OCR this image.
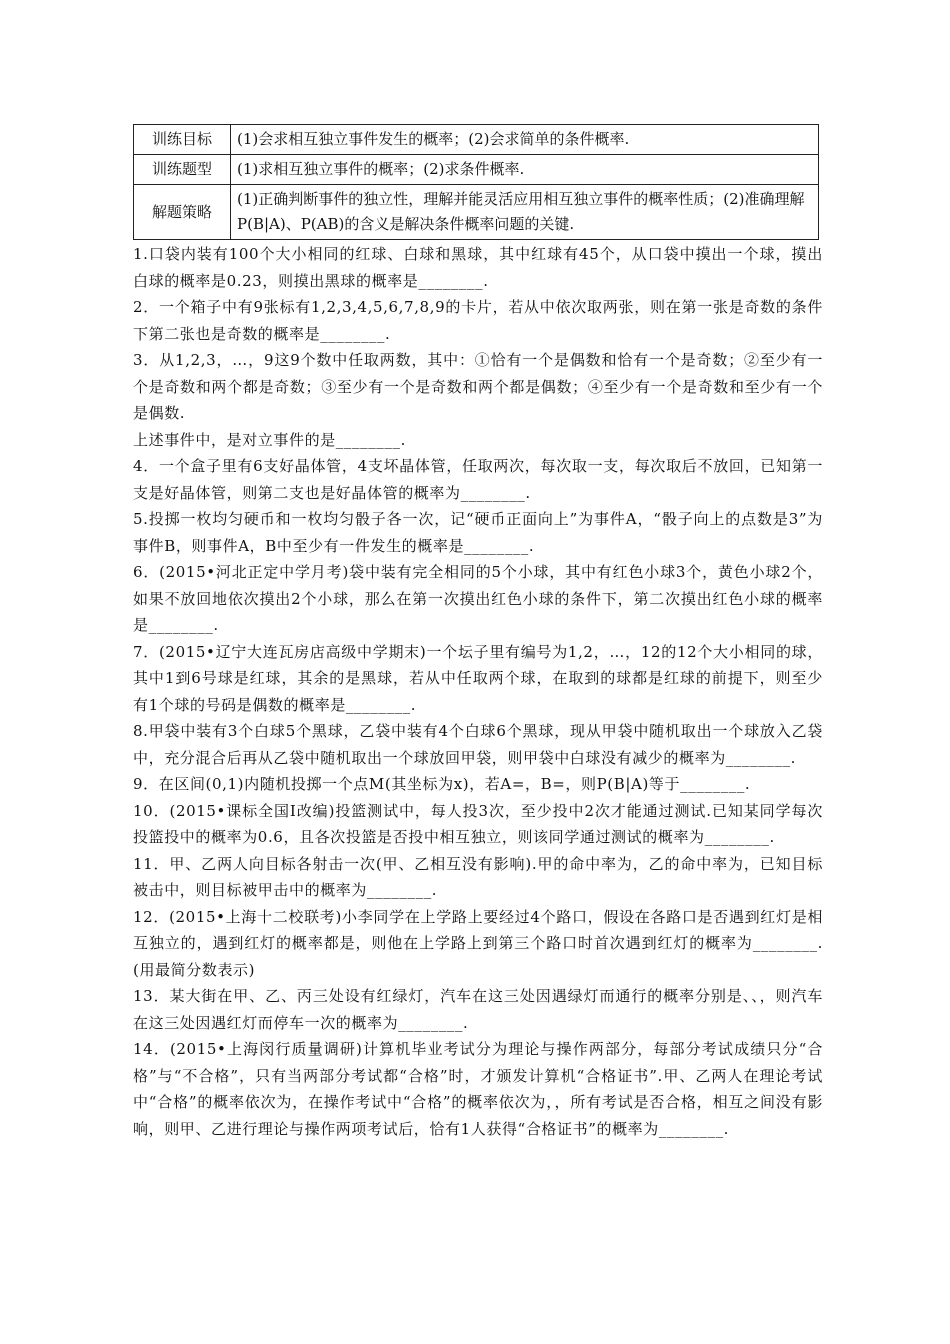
训练目标	(1)会求相互独立事件发生的概率；(2)会求简单的条件概率.
训练题型	(1)求相互独立事件的概率；(2)求条件概率.
解题策略	(1)正确判断事件的独立性，理解并能灵活应用相互独立事件的概率性质；(2)准确理解P(B|A)、P(AB)的含义是解决条件概率问题的关键.

1.口袋内装有100个大小相同的红球、白球和黑球，其中红球有45个，从口袋中摸出一个球，摸出白球的概率是0.23，则摸出黑球的概率是________.

2．一个箱子中有9张标有1,2,3,4,5,6,7,8,9的卡片，若从中依次取两张，则在第一张是奇数的条件下第二张也是奇数的概率是________.

3．从1,2,3，…，9这9个数中任取两数，其中：①恰有一个是偶数和恰有一个是奇数；②至少有一个是奇数和两个都是奇数；③至少有一个是奇数和两个都是偶数；④至少有一个是奇数和至少有一个是偶数.

上述事件中，是对立事件的是________.

4．一个盒子里有6支好晶体管，4支坏晶体管，任取两次，每次取一支，每次取后不放回，已知第一支是好晶体管，则第二支也是好晶体管的概率为________.

5.投掷一枚均匀硬币和一枚均匀骰子各一次，记“硬币正面向上”为事件A，“骰子向上的点数是3”为事件B，则事件A，B中至少有一件发生的概率是________.

6．(2015•河北正定中学月考)袋中装有完全相同的5个小球，其中有红色小球3个，黄色小球2个，如果不放回地依次摸出2个小球，那么在第一次摸出红色小球的条件下，第二次摸出红色小球的概率是________.

7．(2015•辽宁大连瓦房店高级中学期末)一个坛子里有编号为1,2，…，12的12个大小相同的球，其中1到6号球是红球，其余的是黑球，若从中任取两个球，在取到的球都是红球的前提下，则至少有1个球的号码是偶数的概率是________.

8.甲袋中装有3个白球5个黑球，乙袋中装有4个白球6个黑球，现从甲袋中随机取出一个球放入乙袋中，充分混合后再从乙袋中随机取出一个球放回甲袋，则甲袋中白球没有减少的概率为________.

9．在区间(0,1)内随机投掷一个点M(其坐标为x)，若A=，B=，则P(B|A)等于________.

10．(2015•课标全国Ⅰ改编)投篮测试中，每人投3次，至少投中2次才能通过测试.已知某同学每次投篮投中的概率为0.6，且各次投篮是否投中相互独立，则该同学通过测试的概率为________.

11．甲、乙两人向目标各射击一次(甲、乙相互没有影响).甲的命中率为，乙的命中率为，已知目标被击中，则目标被甲击中的概率为________.

12．(2015•上海十二校联考)小李同学在上学路上要经过4个路口，假设在各路口是否遇到红灯是相互独立的，遇到红灯的概率都是，则他在上学路上到第三个路口时首次遇到红灯的概率为________.(用最简分数表示)

13．某大街在甲、乙、丙三处设有红绿灯，汽车在这三处因遇绿灯而通行的概率分别是、、，则汽车在这三处因遇红灯而停车一次的概率为________.

14．(2015•上海闵行质量调研)计算机毕业考试分为理论与操作两部分，每部分考试成绩只分“合格”与“不合格”，只有当两部分考试都“合格”时，才颁发计算机“合格证书”.甲、乙两人在理论考试中“合格”的概率依次为，在操作考试中“合格”的概率依次为，，所有考试是否合格，相互之间没有影响，则甲、乙进行理论与操作两项考试后，恰有1人获得“合格证书”的概率为________.
